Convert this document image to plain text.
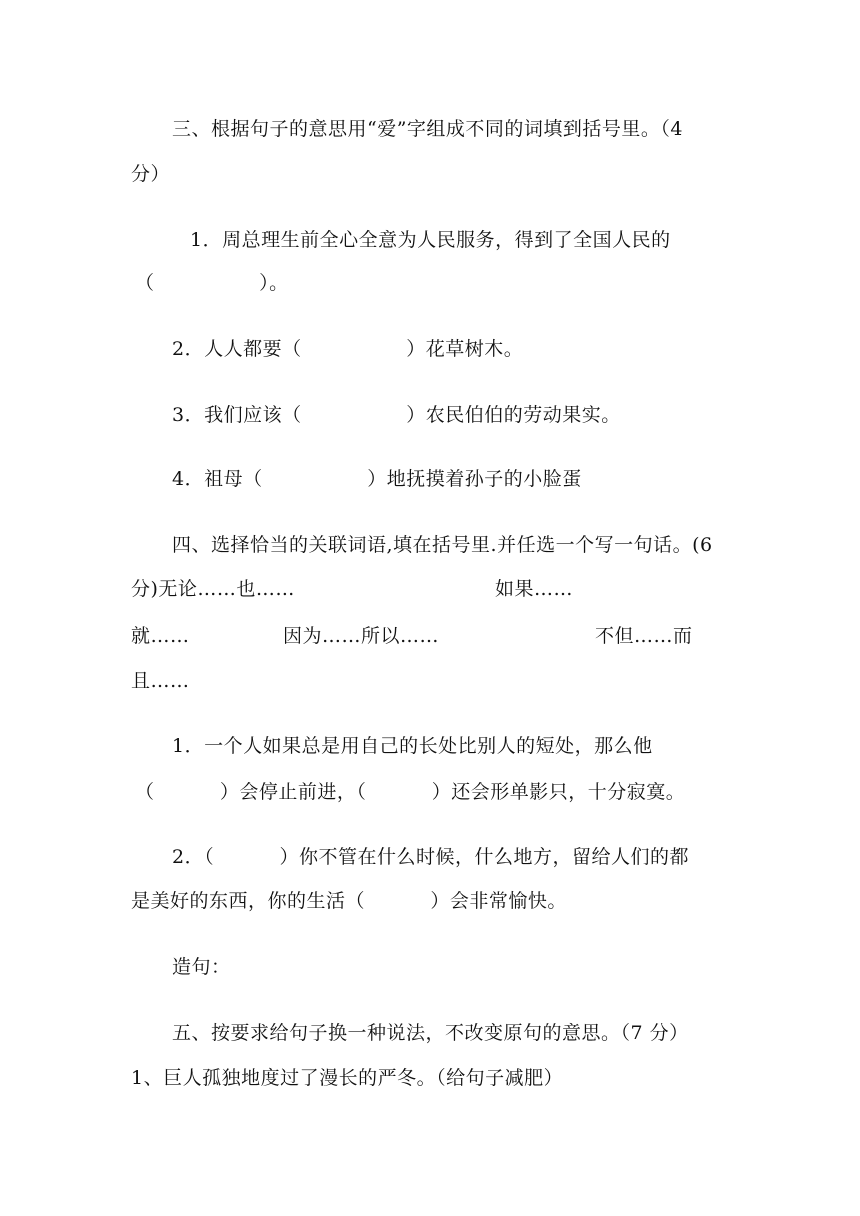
三、根据句子的意思用“爱”字组成不同的词填到括号里。（4
分）
1．周总理生前全心全意为人民服务，得到了全国人民的
（                ）。
2．人人都要（                ）花草树木。
3．我们应该（                ）农民伯伯的劳动果实。
4．祖母（                ）地抚摸着孙子的小脸蛋
四、选择恰当的关联词语,填在括号里.并任选一个写一句话。(6
分)无论……也……	如果……
就……	因为……所以……	不但……而
且……
1．一个人如果总是用自己的长处比别人的短处，那么他
（          ）会停止前进，（          ）还会形单影只，十分寂寞。
2．（          ）你不管在什么时候，什么地方，留给人们的都
是美好的东西，你的生活（          ）会非常愉快。
造句：
五、按要求给句子换一种说法，不改变原句的意思。（7 分）
1、巨人孤独地度过了漫长的严冬。（给句子减肥）
